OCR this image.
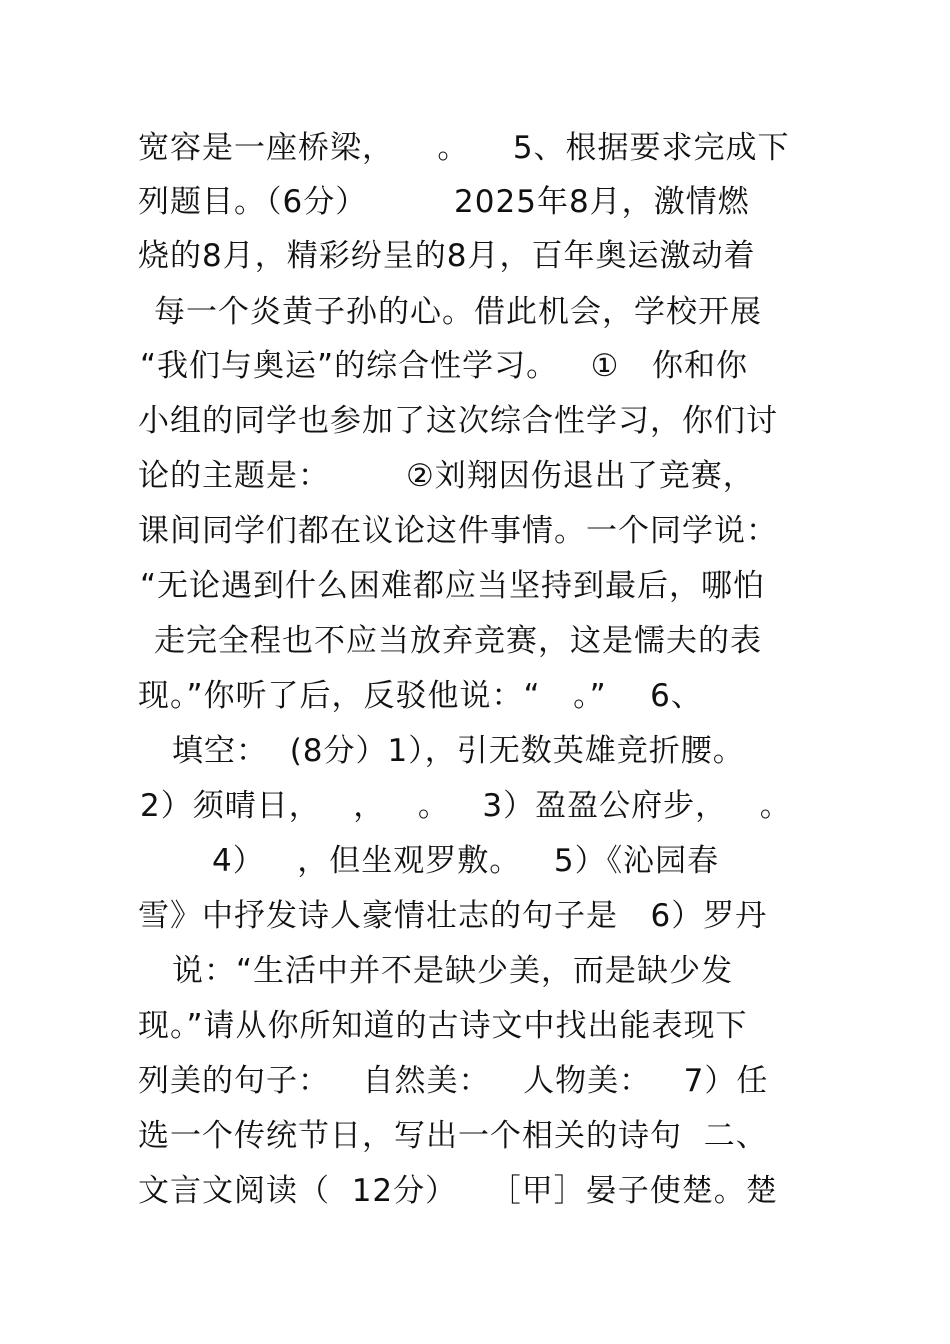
宽容是一座桥梁，    。    5、根据要求完成下
列题目。（6分）        2025年8月，激情燃
烧的8月，精彩纷呈的8月，百年奥运激动着
每一个炎黄子孙的心。借此机会，学校开展
“我们与奥运”的综合性学习。   ①   你和你
小组的同学也参加了这次综合性学习，你们讨
论的主题是：       ②刘翔因伤退出了竞赛，
课间同学们都在议论这件事情。一个同学说：
“无论遇到什么困难都应当坚持到最后，哪怕
走完全程也不应当放弃竞赛，这是懦夫的表
现。”你听了后，反驳他说：“   。”    6、
填空：  (8分）1），引无数英雄竞折腰。
2）须晴日，   ，   。   3）盈盈公府步，   。
4）   ，但坐观罗敷。   5）《沁园春
雪》中抒发诗人豪情壮志的句子是   6）罗丹
说：“生活中并不是缺少美，而是缺少发
现。”请从你所知道的古诗文中找出能表现下
列美的句子：   自然美：   人物美：   7）任
选一个传统节日，写出一个相关的诗句  二、
文言文阅读（  12分）   ［甲］晏子使楚。楚
